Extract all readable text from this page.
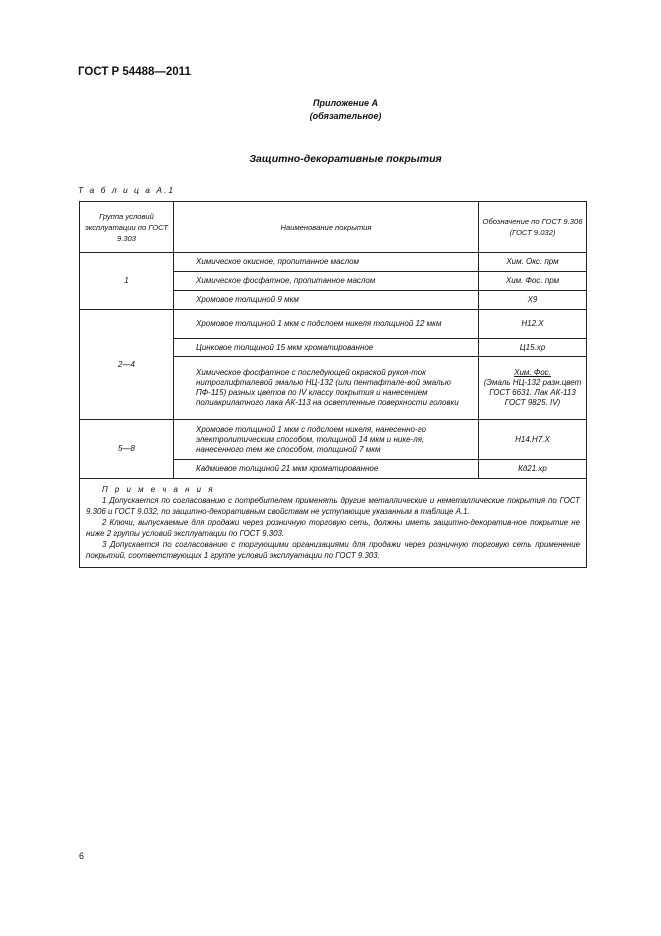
ГОСТ Р 54488—2011
Приложение А
(обязательное)
Защитно-декоративные покрытия
Т а б л и ц а А.1
Группа условий эксплуатации по ГОСТ 9.303	Наименование покрытия	Обозначение по ГОСТ 9.306 (ГОСТ 9.032)
1	Химическое окисное, пропитанное маслом	Хим. Окс. прм
	Химическое фосфатное, пропитанное маслом	Хим. Фос. прм
	Хромовое толщиной 9 мкм	Х9
2—4	Хромовое толщиной 1 мкм с подслоем никеля толщиной 12 мкм	Н12.Х
	Цинковое толщиной 15 мкм хроматированное	Ц15.хр
	Химическое фосфатное с последующей окраской рукоя-ток нитроглифталевой эмалью НЦ-132 (или пентафтале-вой эмалью ПФ-115) разных цветов по IV классу покрытия и нанесением полиакрилатного лака АК-113 на осветленные поверхности головки	Хим. Фос.
(Эмаль НЦ-132 разн.цвет ГОСТ 6631. Лак АК-113 ГОСТ 9825. IV)

5—8	Хромовое толщиной 1 мкм с подслоем никеля, нанесенно-го электролитическим способом, толщиной 14 мкм и нике-ля, нанесенного тем же способом, толщиной 7 мкм	Н14.Н7.Х
	Кадмиевое толщиной 21 мкм хроматированное	Кд21.хр

П р и м е ч а н и я
1 Допускается по согласованию с потребителем применять другие металлические и неметаллические покрытия по ГОСТ 9.306 и ГОСТ 9.032, по защитно-декоративным свойствам не уступающие указанным в таблице А.1.
2 Ключи, выпускаемые для продажи через розничную торговую сеть, должны иметь защитно-декоратив-ное покрытие не ниже 2 группы условий эксплуатации по ГОСТ 9.303.
3 Допускается по согласованию с торгующими организациями для продажи через розничную торговую сеть применение покрытий, соответствующих 1 группе условий эксплуатации по ГОСТ 9.303.		
6
